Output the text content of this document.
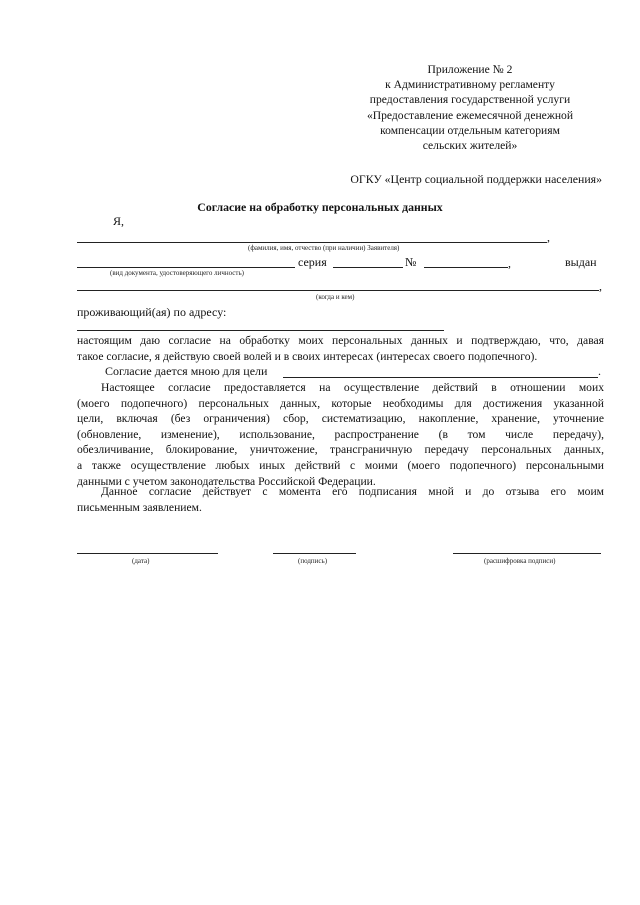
Приложение № 2
к Административному регламенту
предоставления государственной услуги
«Предоставление ежемесячной денежной
компенсации отдельным категориям
сельских жителей»
ОГКУ «Центр социальной поддержки населения»
Согласие на обработку персональных данных
Я,
,
(фамилия, имя, отчество (при наличии) Заявителя)
серия	№	,	выдан
(вид документа, удостоверяющего личность)
,
(когда и кем)
проживающий(ая) по адресу:
настоящим даю согласие на обработку моих персональных данных и подтверждаю, что, давая
такое согласие, я действую своей волей и в своих интересах (интересах своего подопечного).
Согласие дается мною для цели	.
Настоящее согласие предоставляется на осуществление действий в отношении моих
(моего подопечного) персональных данных, которые необходимы для достижения указанной
цели, включая (без ограничения) сбор, систематизацию, накопление, хранение, уточнение
(обновление, изменение), использование, распространение (в том числе передачу),
обезличивание, блокирование, уничтожение, трансграничную передачу персональных данных,
а также осуществление любых иных действий с моими (моего подопечного) персональными
данными с учетом законодательства Российской Федерации.
Данное согласие действует с момента его подписания мной и до отзыва его моим
письменным заявлением.
(дата)	(подпись)	(расшифровка подписи)
